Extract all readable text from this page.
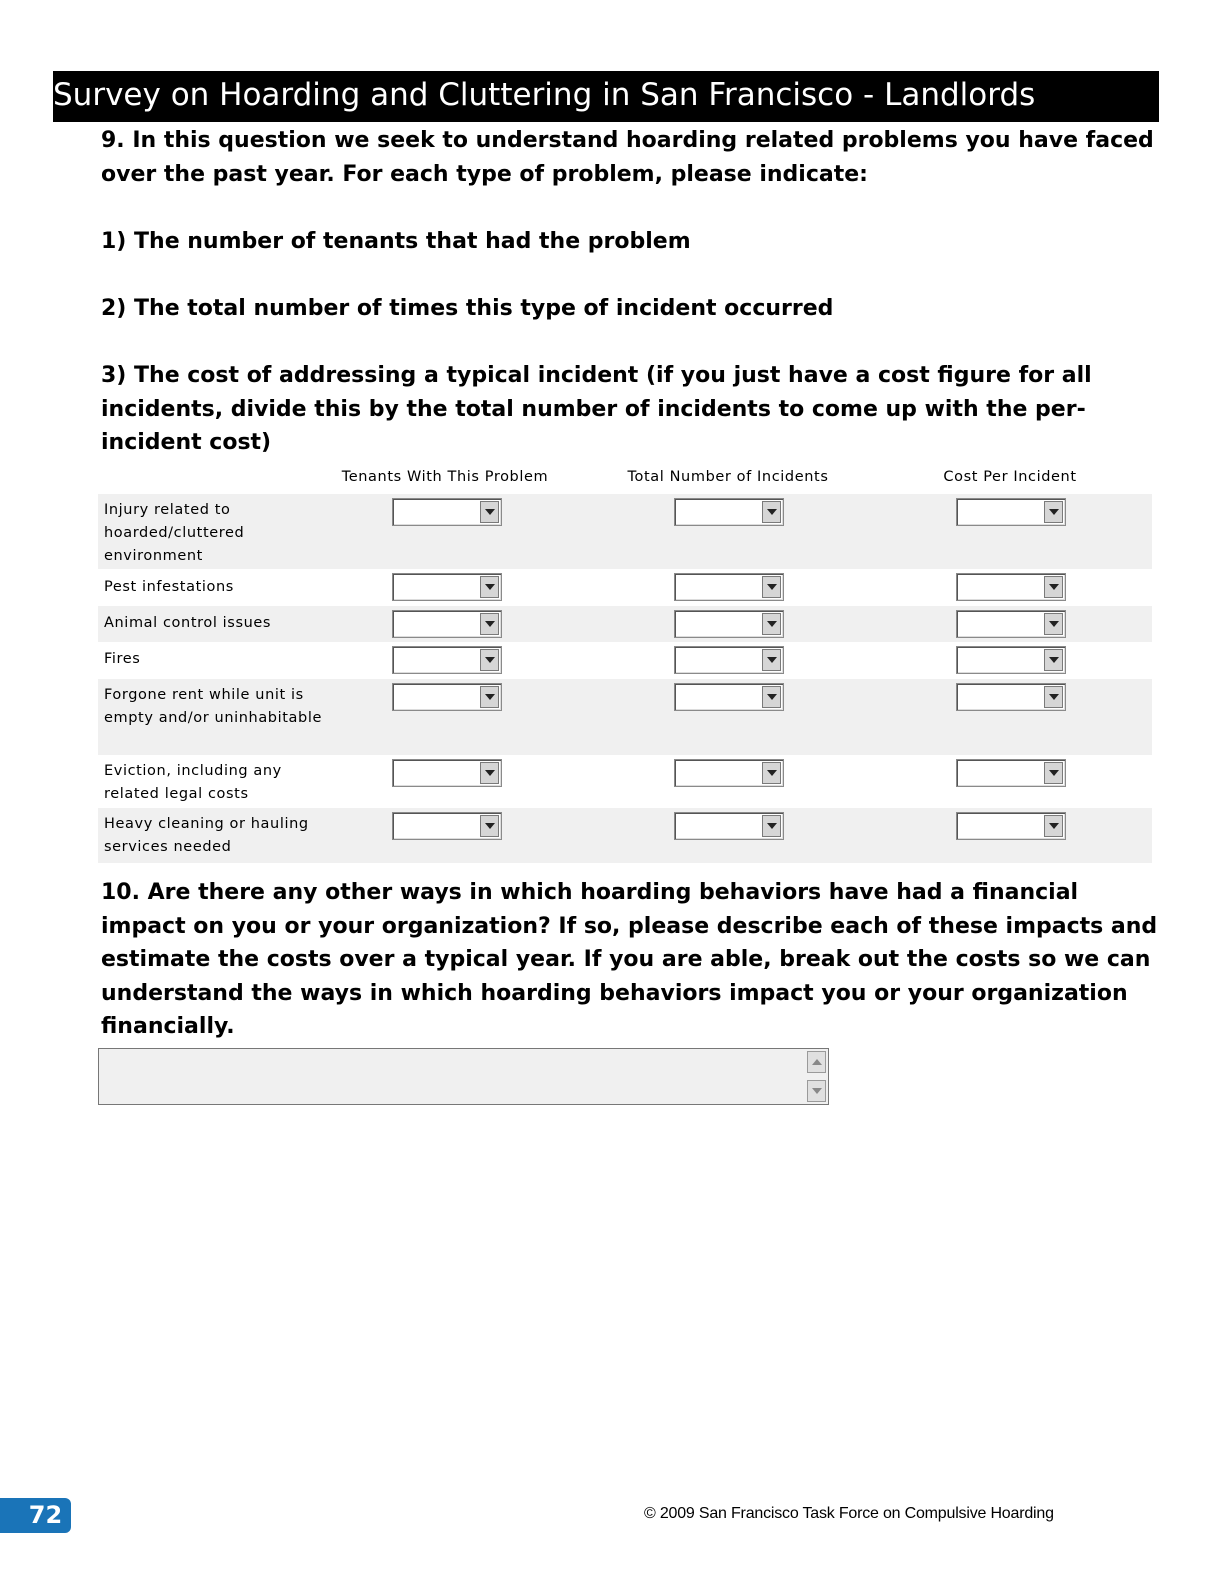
Survey on Hoarding and Cluttering in San Francisco - Landlords

9. In this question we seek to understand hoarding related problems you have faced over the past year. For each type of problem, please indicate:

1) The number of tenants that had the problem

2) The total number of times this type of incident occurred

3) The cost of addressing a typical incident (if you just have a cost figure for all incidents, divide this by the total number of incidents to come up with the per-incident cost)

Tenants With This Problem	Total Number of Incidents	Cost Per Incident
Injury related to hoarded/cluttered environment
Pest infestations
Animal control issues
Fires
Forgone rent while unit is empty and/or uninhabitable
Eviction, including any related legal costs
Heavy cleaning or hauling services needed
10. Are there any other ways in which hoarding behaviors have had a financial impact on you or your organization? If so, please describe each of these impacts and estimate the costs over a typical year. If you are able, break out the costs so we can understand the ways in which hoarding behaviors impact you or your organization financially.
72	© 2009 San Francisco Task Force on Compulsive Hoarding
